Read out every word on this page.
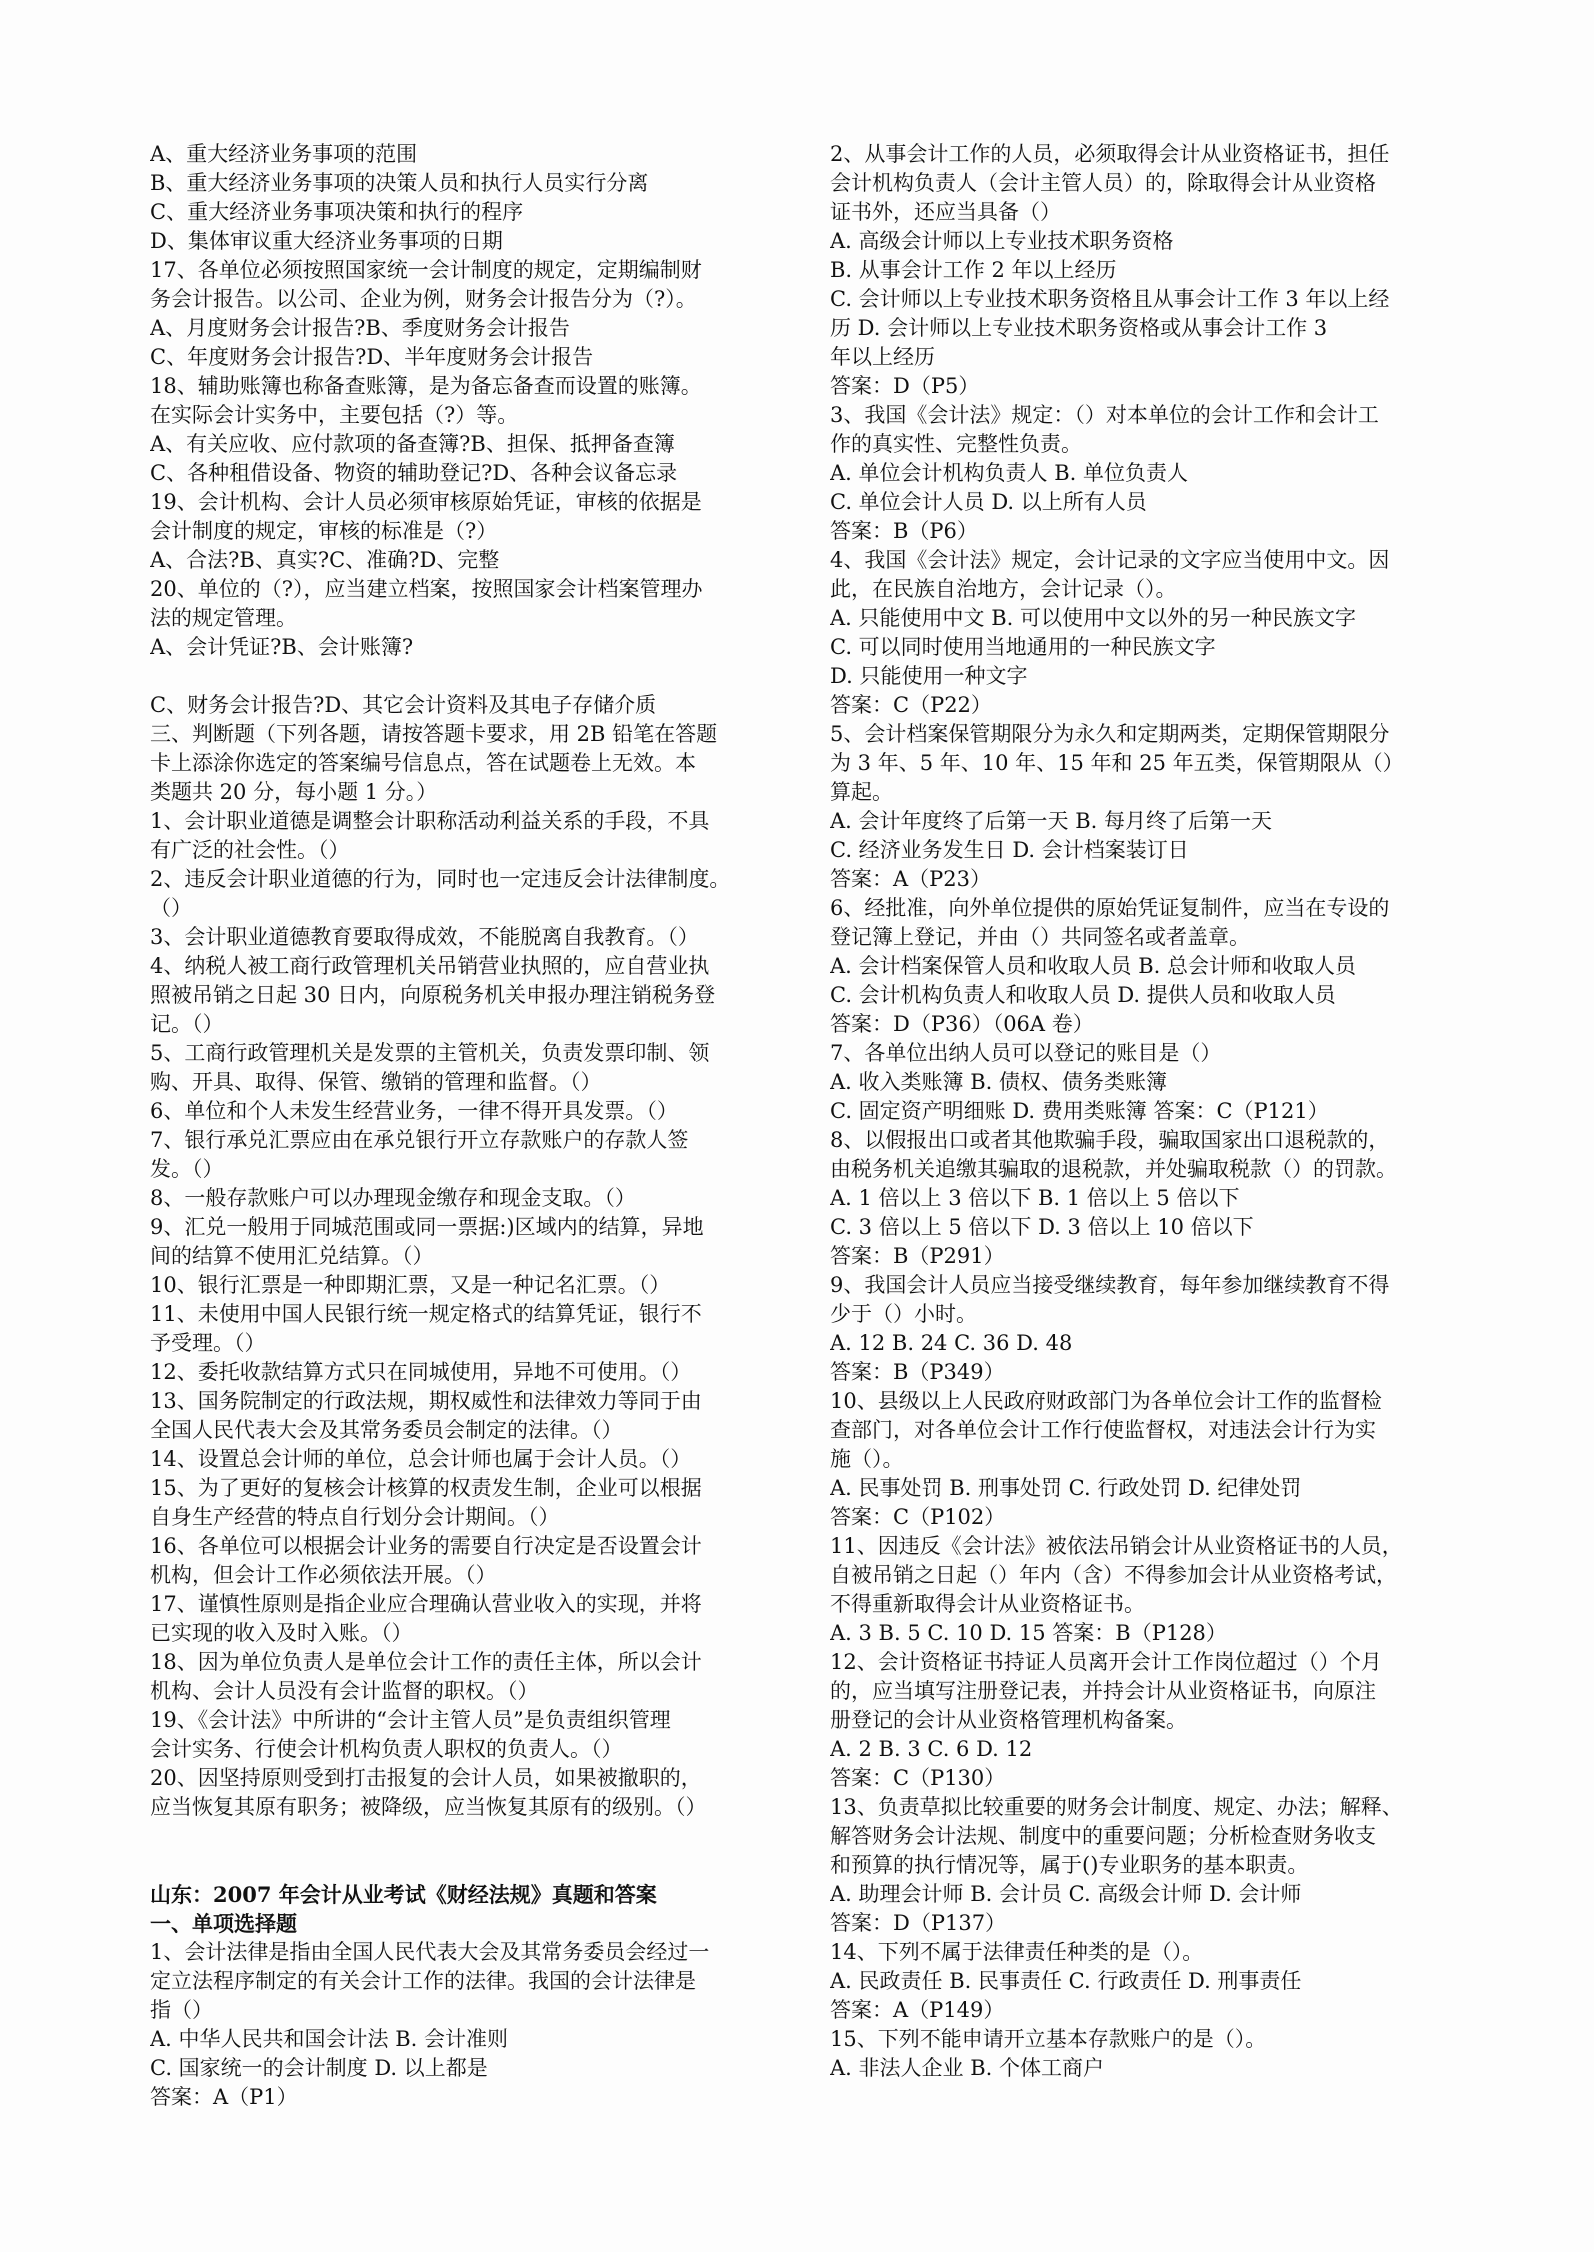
A、重大经济业务事项的范围
B、重大经济业务事项的决策人员和执行人员实行分离
C、重大经济业务事项决策和执行的程序
D、集体审议重大经济业务事项的日期
17、各单位必须按照国家统一会计制度的规定，定期编制财
务会计报告。以公司、企业为例，财务会计报告分为（?）。
A、月度财务会计报告?B、季度财务会计报告
C、年度财务会计报告?D、半年度财务会计报告
18、辅助账簿也称备查账簿，是为备忘备查而设置的账簿。
在实际会计实务中，主要包括（?）等。
A、有关应收、应付款项的备查簿?B、担保、抵押备查簿
C、各种租借设备、物资的辅助登记?D、各种会议备忘录
19、会计机构、会计人员必须审核原始凭证，审核的依据是
会计制度的规定，审核的标准是（?）
A、合法?B、真实?C、准确?D、完整
20、单位的（?），应当建立档案，按照国家会计档案管理办
法的规定管理。
A、会计凭证?B、会计账簿?
C、财务会计报告?D、其它会计资料及其电子存储介质
三、判断题（下列各题，请按答题卡要求，用 2B 铅笔在答题
卡上添涂你选定的答案编号信息点，答在试题卷上无效。本
类题共 20 分，每小题 1 分。）
1、会计职业道德是调整会计职称活动利益关系的手段，不具
有广泛的社会性。（）
2、违反会计职业道德的行为，同时也一定违反会计法律制度。
（）
3、会计职业道德教育要取得成效，不能脱离自我教育。（）
4、纳税人被工商行政管理机关吊销营业执照的，应自营业执
照被吊销之日起 30 日内，向原税务机关申报办理注销税务登
记。（）
5、工商行政管理机关是发票的主管机关，负责发票印制、领
购、开具、取得、保管、缴销的管理和监督。（）
6、单位和个人未发生经营业务，一律不得开具发票。（）
7、银行承兑汇票应由在承兑银行开立存款账户的存款人签
发。（）
8、一般存款账户可以办理现金缴存和现金支取。（）
9、汇兑一般用于同城范围或同一票据:)区域内的结算，异地
间的结算不使用汇兑结算。（）
10、银行汇票是一种即期汇票，又是一种记名汇票。（）
11、未使用中国人民银行统一规定格式的结算凭证，银行不
予受理。（）
12、委托收款结算方式只在同城使用，异地不可使用。（）
13、国务院制定的行政法规，期权威性和法律效力等同于由
全国人民代表大会及其常务委员会制定的法律。（）
14、设置总会计师的单位，总会计师也属于会计人员。（）
15、为了更好的复核会计核算的权责发生制，企业可以根据
自身生产经营的特点自行划分会计期间。（）
16、各单位可以根据会计业务的需要自行决定是否设置会计
机构，但会计工作必须依法开展。（）
17、谨慎性原则是指企业应合理确认营业收入的实现，并将
已实现的收入及时入账。（）
18、因为单位负责人是单位会计工作的责任主体，所以会计
机构、会计人员没有会计监督的职权。（）
19、《会计法》中所讲的“会计主管人员”是负责组织管理
会计实务、行使会计机构负责人职权的负责人。（）
20、因坚持原则受到打击报复的会计人员，如果被撤职的，
应当恢复其原有职务；被降级，应当恢复其原有的级别。（）
山东：2007 年会计从业考试《财经法规》真题和答案
一、单项选择题
1、会计法律是指由全国人民代表大会及其常务委员会经过一
定立法程序制定的有关会计工作的法律。我国的会计法律是
指（）
A. 中华人民共和国会计法 B. 会计准则
C. 国家统一的会计制度 D. 以上都是
答案：A（P1）
2、从事会计工作的人员，必须取得会计从业资格证书，担任
会计机构负责人（会计主管人员）的，除取得会计从业资格
证书外，还应当具备（）
A. 高级会计师以上专业技术职务资格
B. 从事会计工作 2 年以上经历
C. 会计师以上专业技术职务资格且从事会计工作 3 年以上经
历 D. 会计师以上专业技术职务资格或从事会计工作 3
年以上经历
答案：D（P5）
3、我国《会计法》规定：（）对本单位的会计工作和会计工
作的真实性、完整性负责。
A. 单位会计机构负责人 B. 单位负责人
C. 单位会计人员 D. 以上所有人员
答案：B（P6）
4、我国《会计法》规定，会计记录的文字应当使用中文。因
此，在民族自治地方，会计记录（）。
A. 只能使用中文 B. 可以使用中文以外的另一种民族文字
C. 可以同时使用当地通用的一种民族文字
D. 只能使用一种文字
答案：C（P22）
5、会计档案保管期限分为永久和定期两类，定期保管期限分
为 3 年、5 年、10 年、15 年和 25 年五类，保管期限从（）
算起。
A. 会计年度终了后第一天 B. 每月终了后第一天
C. 经济业务发生日 D. 会计档案装订日
答案：A（P23）
6、经批准，向外单位提供的原始凭证复制件，应当在专设的
登记簿上登记，并由（）共同签名或者盖章。
A. 会计档案保管人员和收取人员 B. 总会计师和收取人员
C. 会计机构负责人和收取人员 D. 提供人员和收取人员
答案：D（P36）（06A 卷）
7、各单位出纳人员可以登记的账目是（）
A. 收入类账簿 B. 债权、债务类账簿
C. 固定资产明细账 D. 费用类账簿 答案：C（P121）
8、以假报出口或者其他欺骗手段，骗取国家出口退税款的，
由税务机关追缴其骗取的退税款，并处骗取税款（）的罚款。
A. 1 倍以上 3 倍以下 B. 1 倍以上 5 倍以下
C. 3 倍以上 5 倍以下 D. 3 倍以上 10 倍以下
答案：B（P291）
9、我国会计人员应当接受继续教育，每年参加继续教育不得
少于（）小时。
A. 12 B. 24 C. 36 D. 48
答案：B（P349）
10、县级以上人民政府财政部门为各单位会计工作的监督检
查部门，对各单位会计工作行使监督权，对违法会计行为实
施（）。
A. 民事处罚 B. 刑事处罚 C. 行政处罚 D. 纪律处罚
答案：C（P102）
11、因违反《会计法》被依法吊销会计从业资格证书的人员，
自被吊销之日起（）年内（含）不得参加会计从业资格考试，
不得重新取得会计从业资格证书。
A. 3 B. 5 C. 10 D. 15 答案：B（P128）
12、会计资格证书持证人员离开会计工作岗位超过（）个月
的，应当填写注册登记表，并持会计从业资格证书，向原注
册登记的会计从业资格管理机构备案。
A. 2 B. 3 C. 6 D. 12
答案：C（P130）
13、负责草拟比较重要的财务会计制度、规定、办法；解释、
解答财务会计法规、制度中的重要问题；分析检查财务收支
和预算的执行情况等，属于()专业职务的基本职责。
A. 助理会计师 B. 会计员 C. 高级会计师 D. 会计师
答案：D（P137）
14、下列不属于法律责任种类的是（）。
A. 民政责任 B. 民事责任 C. 行政责任 D. 刑事责任
答案：A（P149）
15、下列不能申请开立基本存款账户的是（）。
A. 非法人企业 B. 个体工商户
